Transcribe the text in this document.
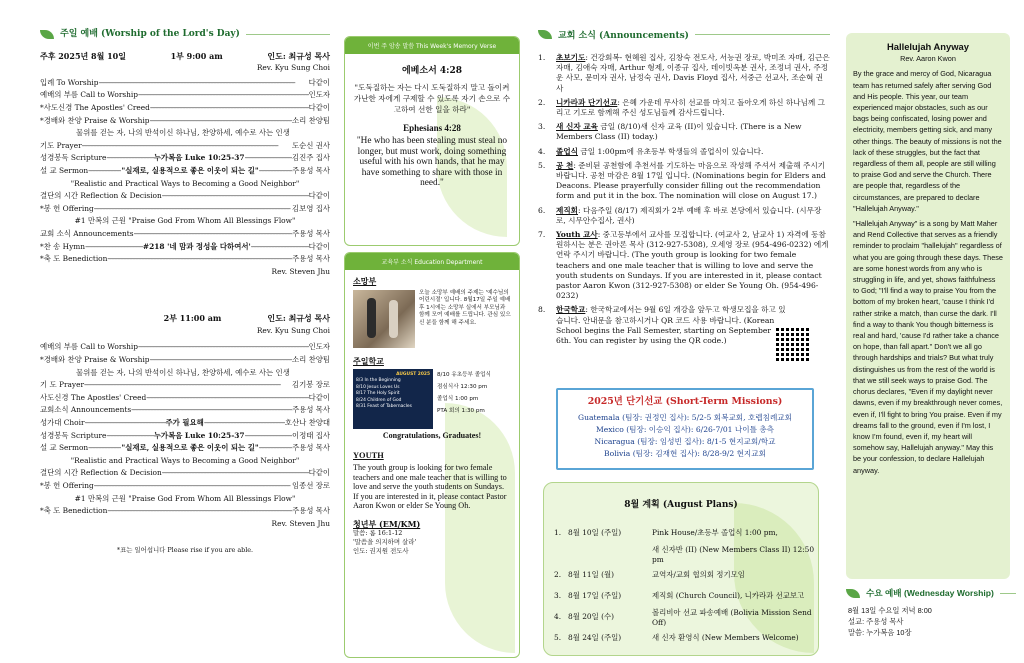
주일 예배 (Worship of the Lord's Day)
주후 2025년 8월 10일	1부 9:00 am	인도: 최규성 목사
Rev. Kyu Sung Choi
입례 To Worship -----	다같이
예배의 부름 Call to Worship -----	인도자
*사도신경 The Apostles' Creed -----	다같이
*경배와 찬양 Praise & Worship -----	소리 찬양팀
물위를 걷는 자, 나의 반석이신 하나님, 찬양하세, 예수로 사는 인생
기도 Prayer -----	도순신 권사
성경봉독 Scripture -----	누가복음 Luke 10:25-37 -----	김진주 집사
설 교 Sermon -----	"실재로, 실용적으로 좋은 이웃이 되는 길" -----	주용성 목사
"Realistic and Practical Ways to Becoming a Good Neighbor"
결단의 시간 Reflection & Decision -----	다같이
*봉 헌 Offering -----	김보영 집사
#1 만복의 근원 "Praise God From Whom All Blessings Flow"
교회 소식 Announcements -----	주용성 목사
*찬 송 Hymn -----	#218 '네 맘과 정성을 다하여서' -----	다같이
*축 도 Benediction -----	주용성 목사
Rev. Steven Jhu
2부 11:00 am	인도: 최규성 목사
Rev. Kyu Sung Choi
예배의 부름 Call to Worship -----	인도자
*경배와 찬양 Praise & Worship -----	소리 찬양팀
물위를 걷는 자, 나의 반석이신 하나님, 찬양하세, 예수로 사는 인생
기 도 Prayer -----	김기봉 장로
사도신경 The Apostles' Creed -----	다같이
교회소식 Announcements -----	주용성 목사
성가대 Choir -----	주가 필요해 -----	호산나 찬양대
성경봉독 Scripture -----	누가복음 Luke 10:25-37 -----	이정태 집사
설 교 Sermon -----	"실재로, 실용적으로 좋은 이웃이 되는 길" -----	주용성 목사
"Realistic and Practical Ways to Becoming a Good Neighbor"
결단의 시간 Reflection & Decision -----	다같이
*봉 헌 Offering -----	임종선 장로
#1 만복의 근원 "Praise God From Whom All Blessings Flow"
*축 도 Benediction -----	주용성 목사
Rev. Steven Jhu
*표는 일어섭니다 Please rise if you are able.
이번 주 암송 말씀 This Week's Memory Verse
에베소서 4:28
"도둑질하는 자는 다시 도둑질하지 말고 돌이켜 가난한 자에게 구제할 수 있도록 자기 손으로 수고하여 선한 일을 하라"
Ephesians 4:28
"He who has been stealing must steal no longer, but must work, doing something useful with his own hands, that he may have something to share with those in need."
교육부 소식 Education Department
소망부
오늘 소망부 예배의 주제는 '예수님의 어린시절' 입니다. 8월17일 주일 예배 후 1시에는 소망부 실에서 부모님과 함께 모여 예배를 드립니다. 관심 있으신 분들 함께 해 주세요.
주일학교
AUGUST 2025
8/3 In the Beginning
8/10 Jesus Loves Us
8/17 The Holy Spirit
8/24 Children of God
8/31 Feast of Tabernacles
8/10 유초등부 졸업식
점심식사 12:30 pm
졸업식 1:00 pm
PTA 회의 1:30 pm
Congratulations, Graduates!
YOUTH
The youth group is looking for two female teachers and one male teacher that is willing to love and serve the youth students on Sundays. If you are interested in it, please contact Pastor Aaron Kwon or elder Se Young Oh.
청년부 (EM/KM)
말씀: 롬 16:1-12
'말씀을 의지하며 살라'
인도: 권지원 전도사
교회 소식 (Announcements)
1.	초보기도: 건강회복- 현혜원 집사, 김창숙 전도사, 서능권 장로, 박미조 자매, 김근은 자매, 김애숙 자매, Arthur 형제, 이종규 집사, 데이빗옥분 권사, 조정녀 권사, 주정운 사모, 문미자 권사, 남정숙 권사, Davis Floyd 집사, 서중근 선교사, 조순혁 권사
2.	니카라과 단기선교: 은혜 가운데 무사히 선교를 마치고 돌아오게 하신 하나님께 그리고 기도로 함께해 주신 성도님들께 감사드립니다.
3.	새 신자 교육 금일 (8/10)새 신자 교육 (II)이 있습니다. (There is a New Members Class (II) today.)
4.	졸업식 금일 1:00pm에 유초등부 학생들의 졸업식이 있습니다.
5.	공 천: 준비된 공천함에 추천서를 기도하는 마음으로 작성해 주셔서 제출해 주시기 바랍니다. 공천 마감은 8월 17일 입니다. (Nominations begin for Elders and Deacons. Please prayerfully consider filling out the recommendation form and put it in the box. The nomination will close on August 17.)
6.	제직회: 다음주일 (8/17) 제직회가 2부 예배 후 바로 본당에서 있습니다. (시무장로, 시무안수집사, 권사)
7.	Youth 교사: 중고등부에서 교사를 모집합니다. (여교사 2, 남교사 1) 자격에 동참 원하시는 분은 권아론 목사 (312-927-5308), 오세영 장로 (954-496-0232) 에게 연락 주시기 바랍니다. (The youth group is looking for two female teachers and one male teacher that is willing to love and serve the youth students on Sundays. If you are interested in it, please contact pastor Aaron Kwon (312-927-5308) or elder Se Young Oh. (954-496-0232)
8.	한국학교: 한국학교에서는 9월 6일 개강을 앞두고 학생모집을 하고 있습니다. 안내문을 참고하시거나 QR 코드 사용 바랍니다. (Korean School begins the Fall Semester, starting on September 6th. You can register by using the QR code.)
2025년 단기선교 (Short-Term Missions)
Guatemala (팀장: 권정민 집사): 5/2-5 회복교회, 호렙침례교회
Mexico (팀장: 이승익 집사): 6/26-7/01 나이틀 총측
Nicaragua (팀장: 임성빈 집사): 8/1-5 현지교회/학교
Bolivia (팀장: 김재현 집사): 8/28-9/2 현지교회
8월 계획 (August Plans)
1. 8월 10일 (주일)	Pink House/초등부 졸업식 1:00 pm,
새 신자반 (II) (New Members Class II) 12:50 pm
2. 8월 11일 (월)	교역자/교회 협의회 정기모임
3. 8월 17일 (주일)	제직회 (Church Council), 니카라과 선교보고
4. 8월 20일 (수)	볼리비아 선교 파송예배 (Bolivia Mission Send Off)
5. 8월 24일 (주일)	새 신자 환영식 (New Members Welcome)
Hallelujah Anyway
Rev. Aaron Kwon
By the grace and mercy of God, Nicaragua team has returned safely after serving God and His people. This year, our team experienced major obstacles, such as our bags being confiscated, losing power and electricity, members getting sick, and many other things. The beauty of missions is not the lack of these struggles, but the fact that regardless of them all, people are still willing to praise God and serve the Church. There are people that, regardless of the circumstances, are prepared to declare "Hallelujah Anyway."
"Hallelujah Anyway" is a song by Matt Maher and Rend Collective that serves as a friendly reminder to proclaim "hallelujah" regardless of what you are going through these days. These are some honest words from any who is struggling in life, and yet, shows faithfulness to God; "I'll find a way to praise You from the bottom of my broken heart, 'cause I think I'd rather strike a match, than curse the dark. I'll find a way to thank You though bitterness is real and hard, 'cause I'd rather take a chance on hope, than fall apart." Don't we all go through hardships and trials? But what truly distinguishes us from the rest of the world is that we still seek ways to praise God. The chorus declares, "Even if my daylight never dawns, even if my breakthrough never comes, even if, I'll fight to bring You praise. Even if my dreams fall to the ground, even if I'm lost, I know I'm found, even if, my heart will somehow say, Hallelujah anyway." May this be your confession, to declare Hallelujah anyway.
수요 예배 (Wednesday Worship)
8월 13일 수요일 저녁 8:00
설교: 주용성 목사
말씀: 누가복음 10장
